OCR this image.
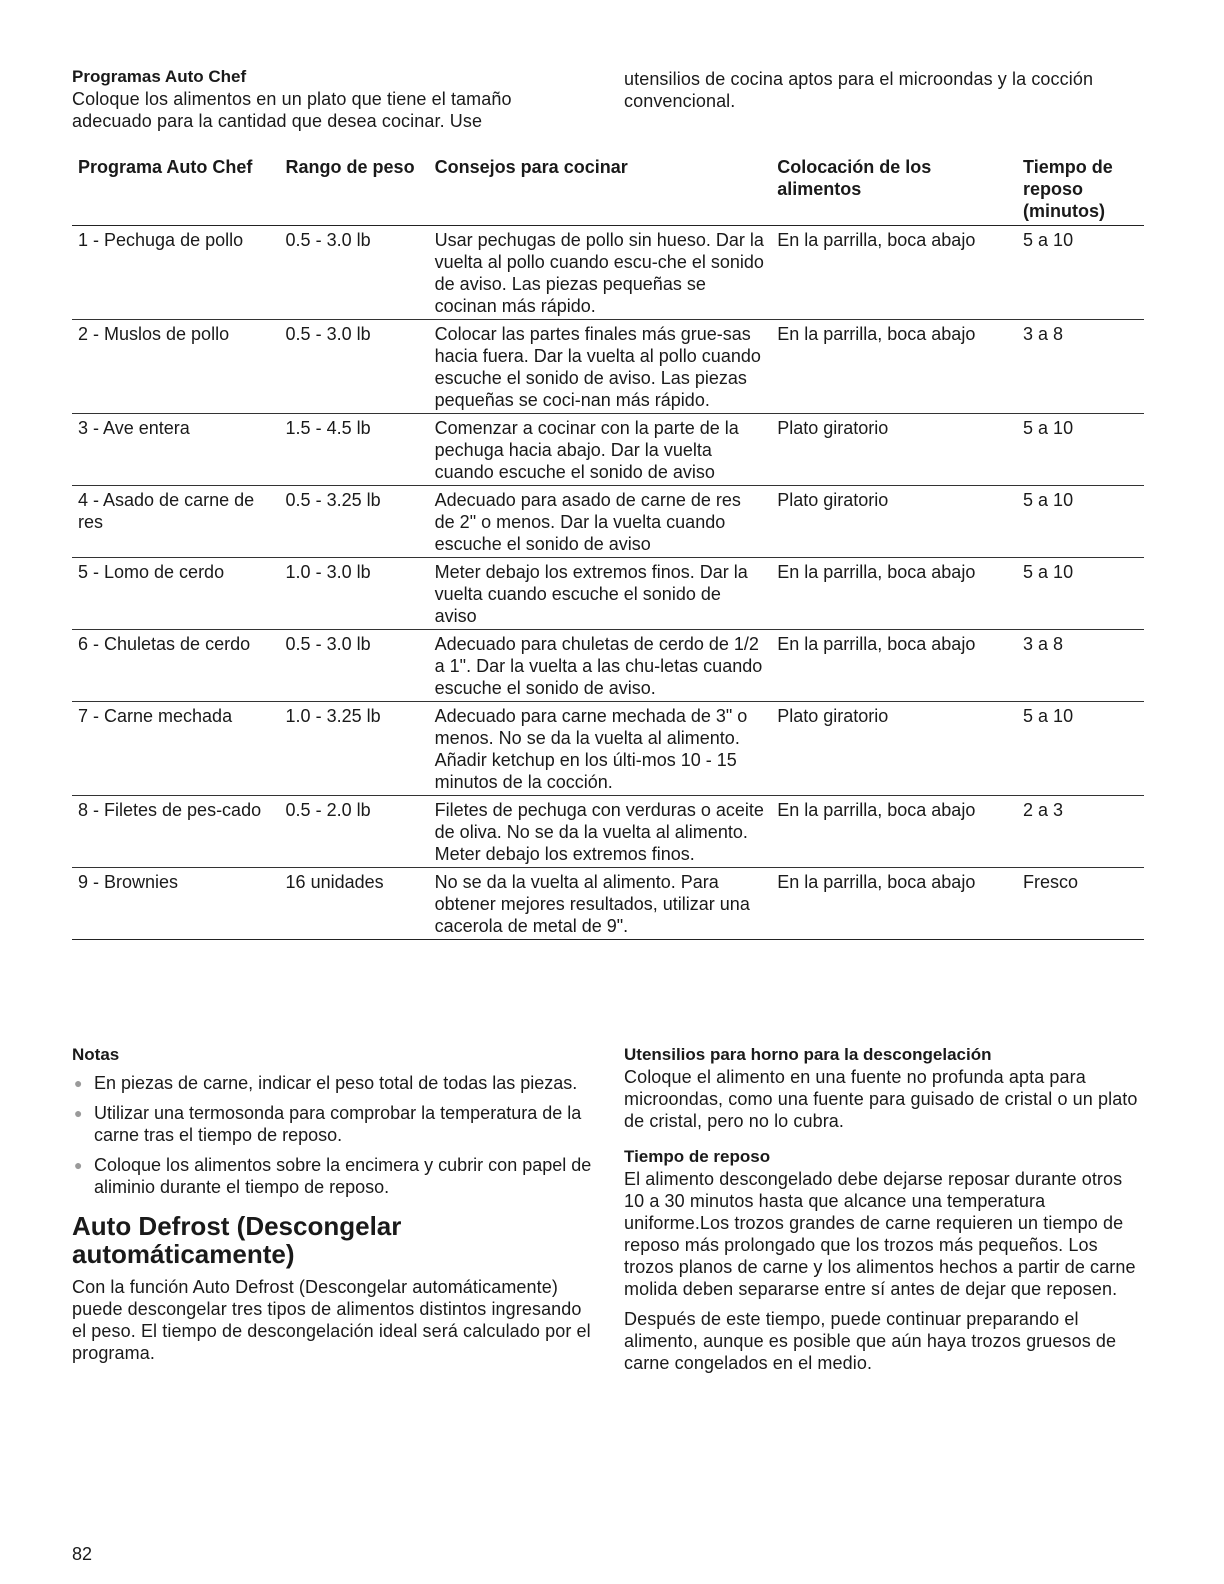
Programas Auto Chef

Coloque los alimentos en un plato que tiene el tamaño adecuado para la cantidad que desea cocinar. Use

utensilios de cocina aptos para el microondas y la cocción convencional.

Programa Auto Chef	Rango de peso	Consejos para cocinar	Colocación de los alimentos	Tiempo de reposo (minutos)
1 - Pechuga de pollo	0.5 - 3.0 lb	Usar pechugas de pollo sin hueso. Dar la vuelta al pollo cuando escu-che el sonido de aviso. Las piezas pequeñas se cocinan más rápido.	En la parrilla, boca abajo	5 a 10
2 - Muslos de pollo	0.5 - 3.0 lb	Colocar las partes finales más grue-sas hacia fuera. Dar la vuelta al pollo cuando escuche el sonido de aviso. Las piezas pequeñas se coci-nan más rápido.	En la parrilla, boca abajo	3 a 8
3 - Ave entera	1.5 - 4.5 lb	Comenzar a cocinar con la parte de la pechuga hacia abajo. Dar la vuelta cuando escuche el sonido de aviso	Plato giratorio	5 a 10
4 - Asado de carne de res	0.5 - 3.25 lb	Adecuado para asado de carne de res de 2" o menos. Dar la vuelta cuando escuche el sonido de aviso	Plato giratorio	5 a 10
5 - Lomo de cerdo	1.0 - 3.0 lb	Meter debajo los extremos finos. Dar la vuelta cuando escuche el sonido de aviso	En la parrilla, boca abajo	5 a 10
6 - Chuletas de cerdo	0.5 - 3.0 lb	Adecuado para chuletas de cerdo de 1/2 a 1". Dar la vuelta a las chu-letas cuando escuche el sonido de aviso.	En la parrilla, boca abajo	3 a 8
7 - Carne mechada	1.0 - 3.25 lb	Adecuado para carne mechada de 3" o menos. No se da la vuelta al alimento. Añadir ketchup en los últi-mos 10 - 15 minutos de la cocción.	Plato giratorio	5 a 10
8 - Filetes de pes-cado	0.5 - 2.0 lb	Filetes de pechuga con verduras o aceite de oliva. No se da la vuelta al alimento. Meter debajo los extremos finos.	En la parrilla, boca abajo	2 a 3
9 - Brownies	16 unidades	No se da la vuelta al alimento. Para obtener mejores resultados, utilizar una cacerola de metal de 9".	En la parrilla, boca abajo	Fresco

Notas

● En piezas de carne, indicar el peso total de todas las piezas.
● Utilizar una termosonda para comprobar la temperatura de la carne tras el tiempo de reposo.
● Coloque los alimentos sobre la encimera y cubrir con papel de aliminio durante el tiempo de reposo.
Auto Defrost (Descongelar automáticamente)

Con la función Auto Defrost (Descongelar automáticamente) puede descongelar tres tipos de alimentos distintos ingresando el peso. El tiempo de descongelación ideal será calculado por el programa.

Utensilios para horno para la descongelación

Coloque el alimento en una fuente no profunda apta para microondas, como una fuente para guisado de cristal o un plato de cristal, pero no lo cubra.

Tiempo de reposo

El alimento descongelado debe dejarse reposar durante otros 10 a 30 minutos hasta que alcance una temperatura uniforme.Los trozos grandes de carne requieren un tiempo de reposo más prolongado que los trozos más pequeños. Los trozos planos de carne y los alimentos hechos a partir de carne molida deben separarse entre sí antes de dejar que reposen.

Después de este tiempo, puede continuar preparando el alimento, aunque es posible que aún haya trozos gruesos de carne congelados en el medio.

82
